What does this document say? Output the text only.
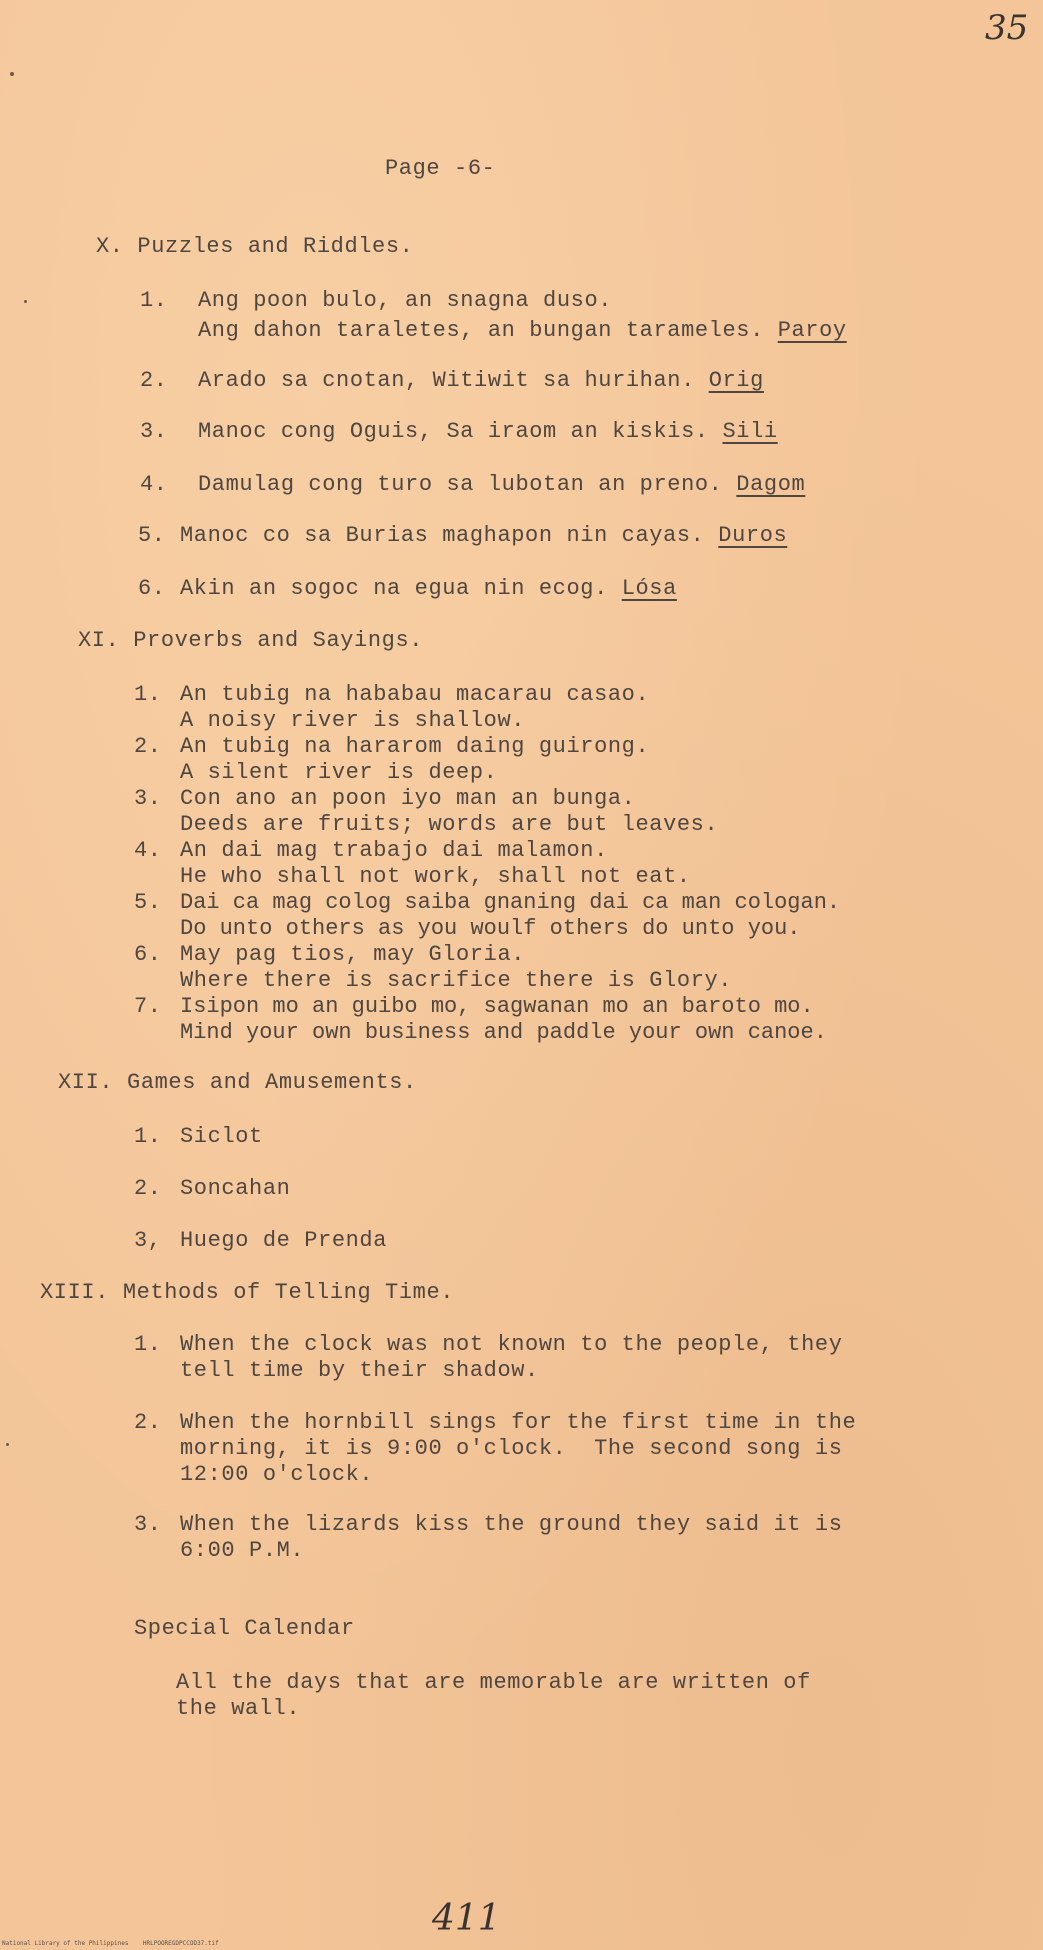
35
Page -6-
X. Puzzles and Riddles.
1. Ang poon bulo, an snagna duso.
Ang dahon taraletes, an bungan tarameles. Paroy
2. Arado sa cnotan, Witiwit sa hurihan. Orig
3. Manoc cong Oguis, Sa iraom an kiskis. Sili
4. Damulag cong turo sa lubotan an preno. Dagom
5. Manoc co sa Burias maghapon nin cayas. Duros
6. Akin an sogoc na egua nin ecog. Lósa
XI. Proverbs and Sayings.
1. An tubig na hababau macarau casao.
A noisy river is shallow.
2. An tubig na hararom daing guirong.
A silent river is deep.
3. Con ano an poon iyo man an bunga.
Deeds are fruits; words are but leaves.
4. An dai mag trabajo dai malamon.
He who shall not work, shall not eat.
5. Dai ca mag colog saiba gnaning dai ca man cologan.
Do unto others as you woulf others do unto you.
6. May pag tios, may Gloria.
Where there is sacrifice there is Glory.
7. Isipon mo an guibo mo, sagwanan mo an baroto mo.
Mind your own business and paddle your own canoe.
XII. Games and Amusements.
1. Siclot
2. Soncahan
3, Huego de Prenda
XIII. Methods of Telling Time.
1. When the clock was not known to the people, they
tell time by their shadow.
2. When the hornbill sings for the first time in the
morning, it is 9:00 o'clock.  The second song is
12:00 o'clock.
3. When the lizards kiss the ground they said it is
6:00 P.M.
Special Calendar
All the days that are memorable are written of
the wall.
411
National Library of the Philippines    HRLPOOREGDPCCOD37.tif
